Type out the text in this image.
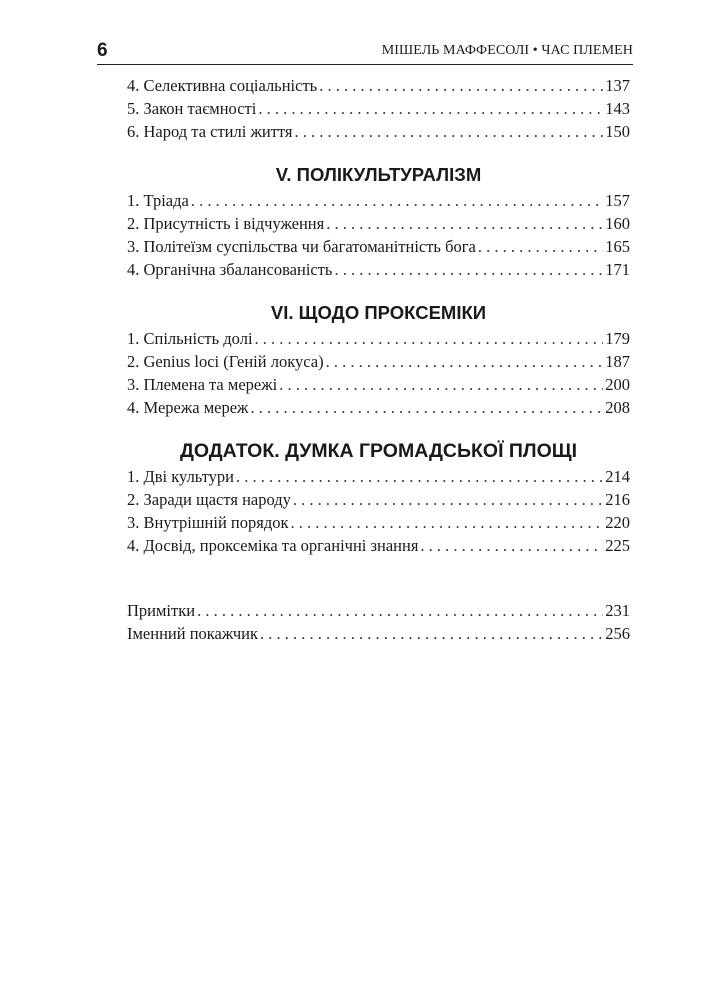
6	МІШЕЛЬ МАФФЕСОЛІ • ЧАС ПЛЕМЕН
4. Селективна соціальність . . .	137
5. Закон таємності . . .	143
6. Народ та стилі життя . . .	150
V. ПОЛІКУЛЬТУРАЛІЗМ
1. Тріада . . .	157
2. Присутність і відчуження . . .	160
3. Політеїзм суспільства чи багатоманітність бога . . .	165
4. Органічна збалансованість . . .	171
VI. ЩОДО ПРОКСЕМІКИ
1. Спільність долі . . .	179
2. Genius loci (Геній локуса) . . .	187
3. Племена та мережі . . .	200
4. Мережа мереж . . .	208
ДОДАТОК. ДУМКА ГРОМАДСЬКОЇ ПЛОЩІ
1. Дві культури . . .	214
2. Заради щастя народу . . .	216
3. Внутрішній порядок . . .	220
4. Досвід, проксеміка та органічні знання . . .	225
Примітки . . .	231
Іменний покажчик . . .	256
